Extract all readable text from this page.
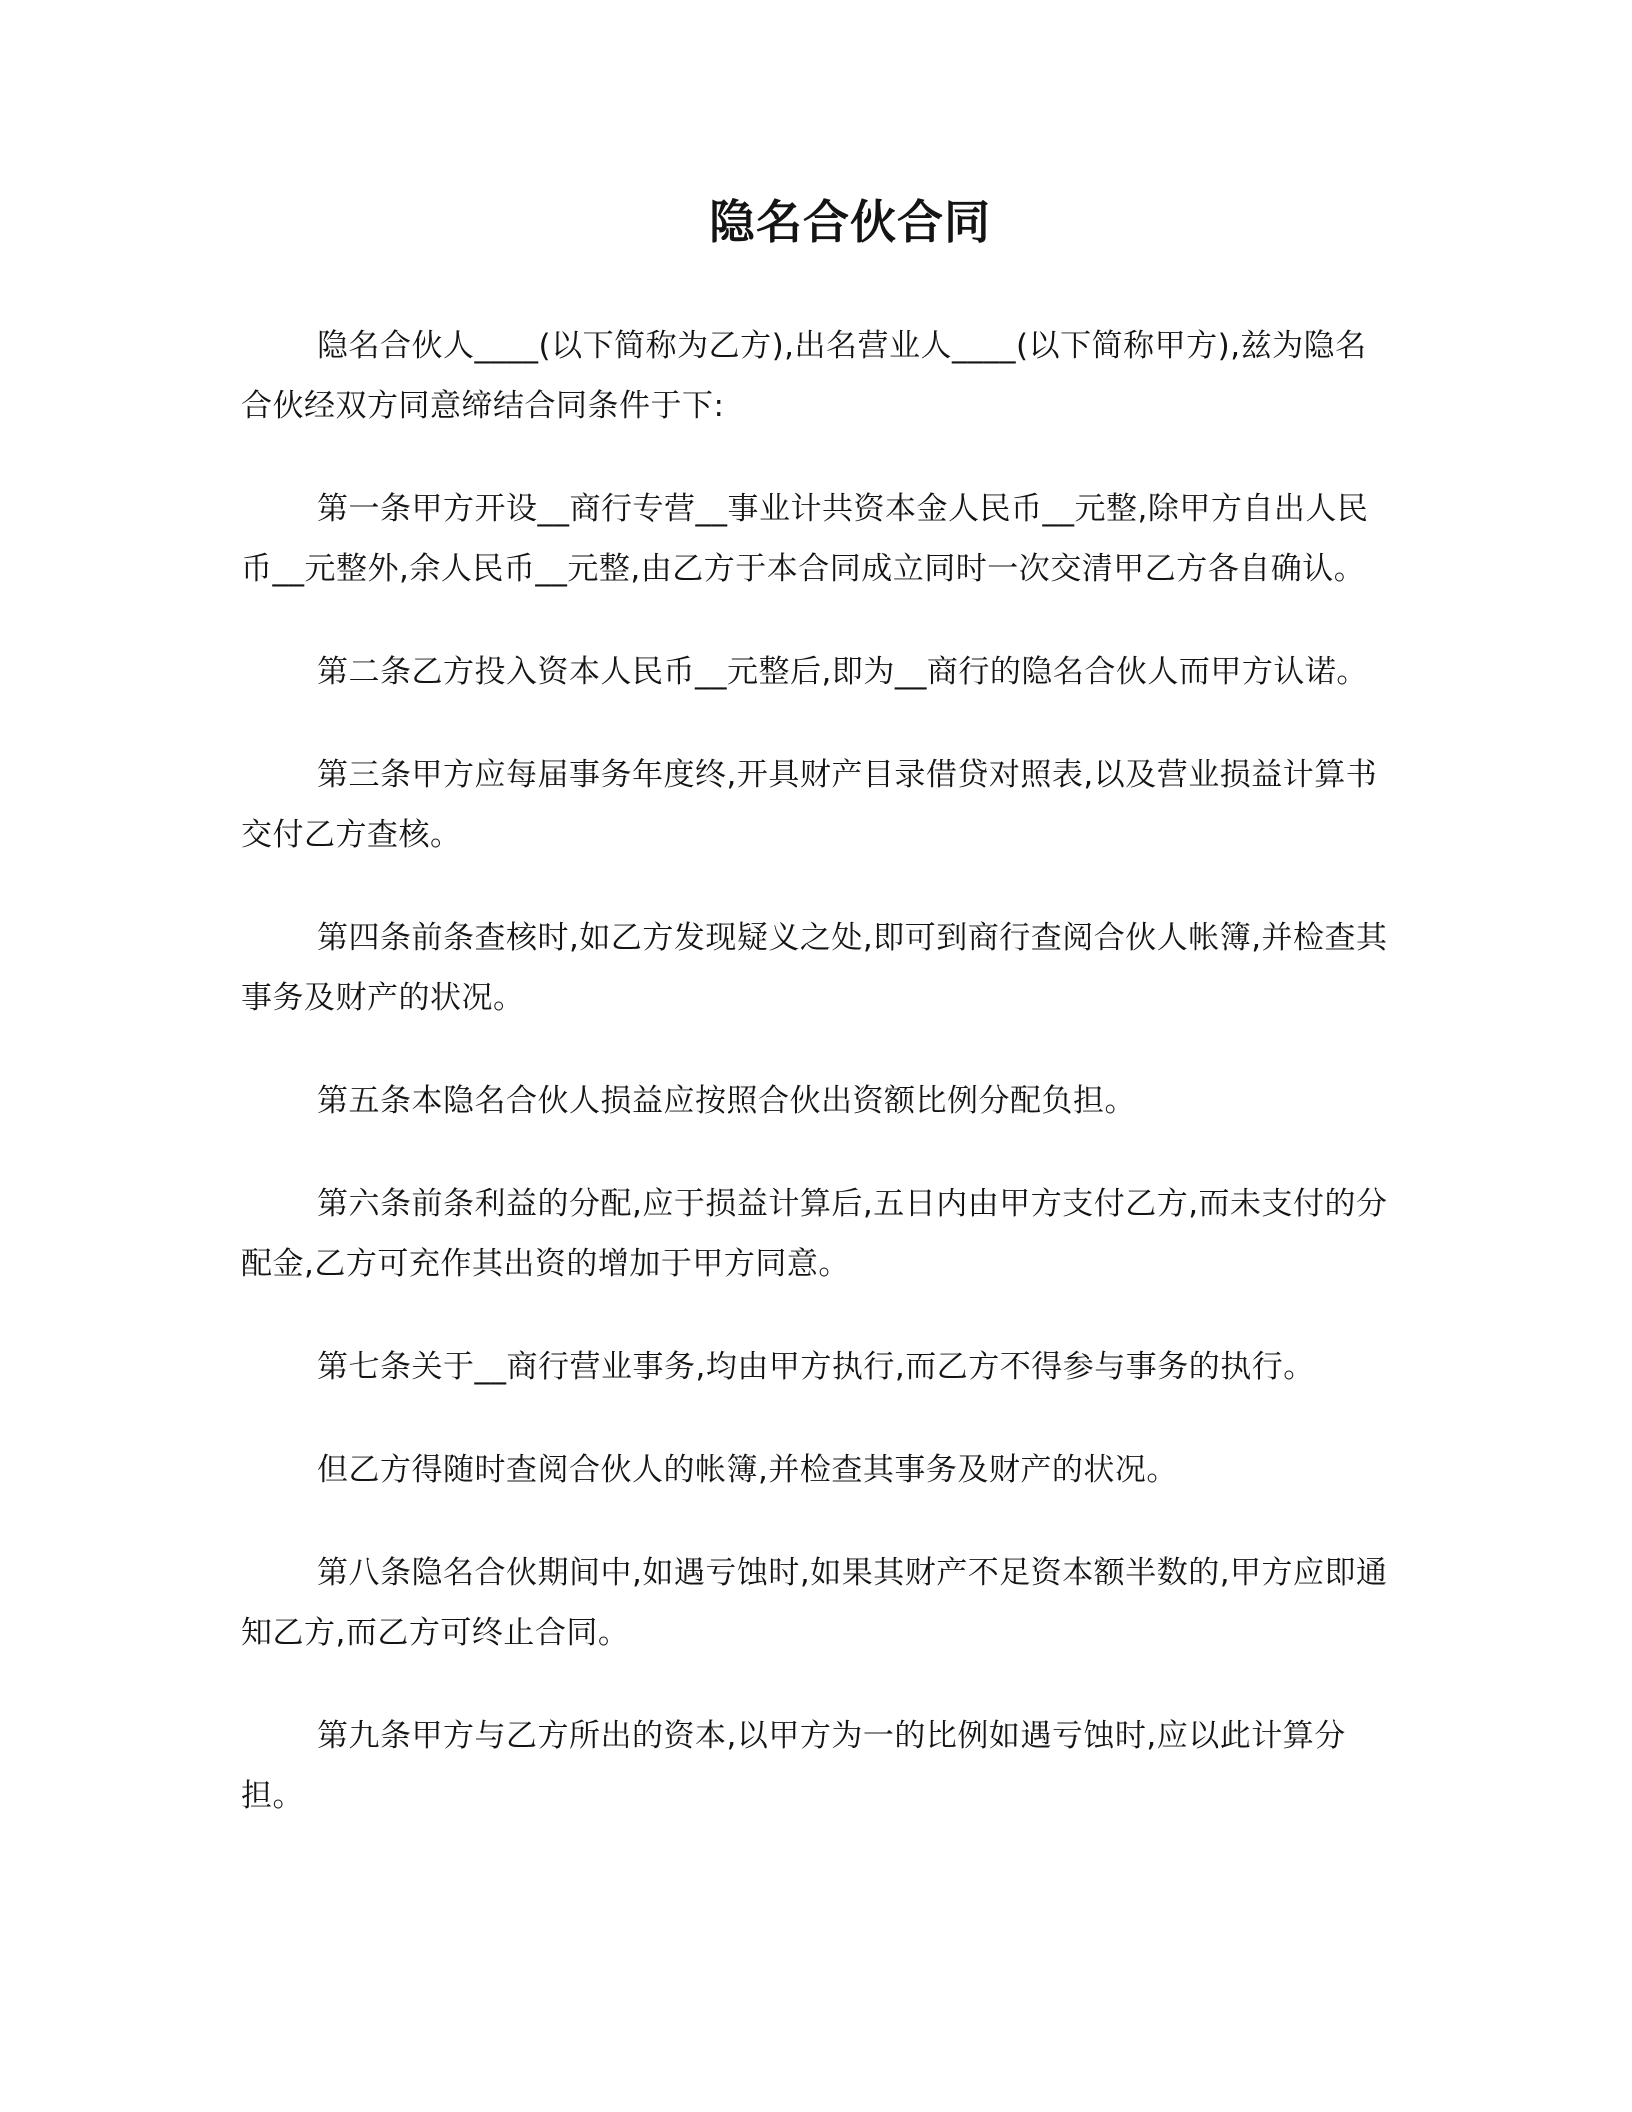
隐名合伙合同

隐名合伙人____(以下简称为乙方),出名营业人____(以下简称甲方),兹为隐名合伙经双方同意缔结合同条件于下:

第一条甲方开设__商行专营__事业计共资本金人民币__元整,除甲方自出人民币__元整外,余人民币__元整,由乙方于本合同成立同时一次交清甲乙方各自确认。

第二条乙方投入资本人民币__元整后,即为__商行的隐名合伙人而甲方认诺。

第三条甲方应每届事务年度终,开具财产目录借贷对照表,以及营业损益计算书交付乙方查核。

第四条前条查核时,如乙方发现疑义之处,即可到商行查阅合伙人帐簿,并检查其事务及财产的状况。

第五条本隐名合伙人损益应按照合伙出资额比例分配负担。

第六条前条利益的分配,应于损益计算后,五日内由甲方支付乙方,而未支付的分配金,乙方可充作其出资的增加于甲方同意。

第七条关于__商行营业事务,均由甲方执行,而乙方不得参与事务的执行。

但乙方得随时查阅合伙人的帐簿,并检查其事务及财产的状况。

第八条隐名合伙期间中,如遇亏蚀时,如果其财产不足资本额半数的,甲方应即通知乙方,而乙方可终止合同。

第九条甲方与乙方所出的资本,以甲方为一的比例如遇亏蚀时,应以此计算分担。
